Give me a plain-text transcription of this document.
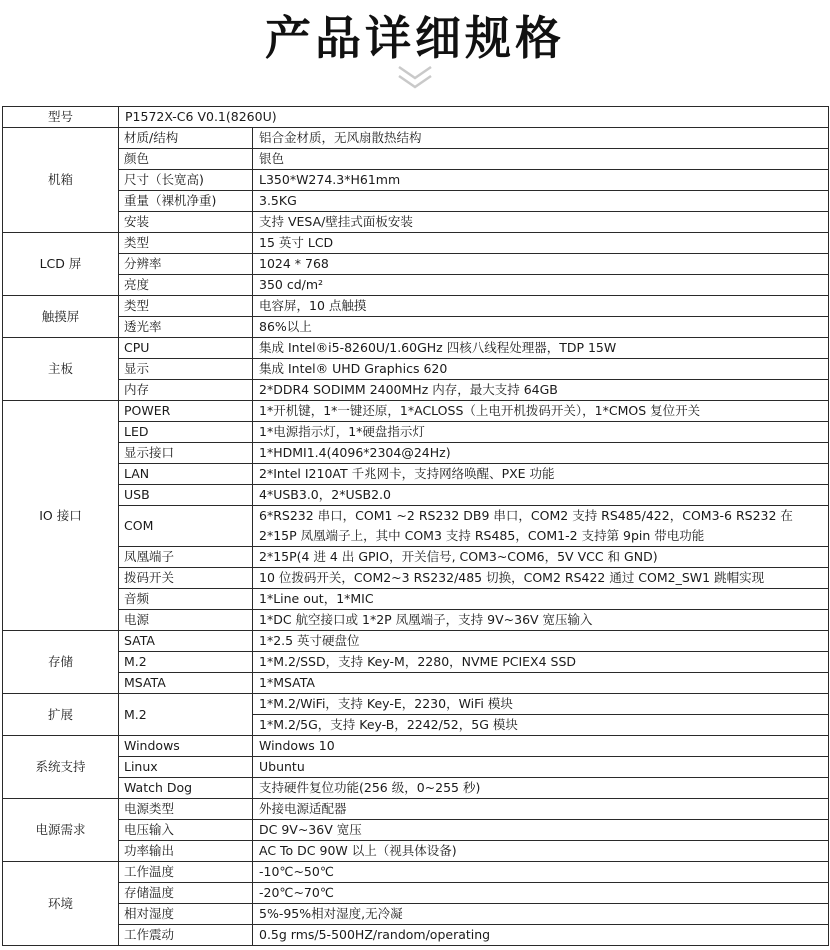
产品详细规格
型号	P1572X-C6 V0.1(8260U)	
机箱	材质/结构	铝合金材质，无风扇散热结构
	颜色	银色
	尺寸（长宽高)	L350*W274.3*H61mm
	重量（裸机净重)	3.5KG
	安装	支持 VESA/壁挂式面板安装
LCD 屏	类型	15 英寸 LCD
	分辨率	1024 * 768
	亮度	350 cd/m²
触摸屏	类型	电容屏，10 点触摸
	透光率	86%以上
主板	CPU	集成 Intel®i5-8260U/1.60GHz 四核八线程处理器，TDP 15W
	显示	集成 Intel® UHD Graphics 620
	内存	2*DDR4 SODIMM 2400MHz 内存，最大支持 64GB
IO 接口	POWER	1*开机键，1*一键还原，1*ACLOSS（上电开机拨码开关），1*CMOS 复位开关
	LED	1*电源指示灯，1*硬盘指示灯
	显示接口	1*HDMI1.4(4096*2304@24Hz)
	LAN	2*Intel I210AT 千兆网卡，支持网络唤醒、PXE 功能
	USB	4*USB3.0，2*USB2.0
	COM	6*RS232 串口，COM1 ~2 RS232 DB9 串口，COM2 支持 RS485/422，COM3-6 RS232 在 2*15P 凤凰端子上，其中 COM3 支持 RS485，COM1-2 支持第 9pin 带电功能
	凤凰端子	2*15P(4 进 4 出 GPIO，开关信号, COM3~COM6，5V VCC 和 GND)
	拨码开关	10 位拨码开关，COM2~3 RS232/485 切换，COM2 RS422 通过 COM2_SW1 跳帽实现
	音频	1*Line out，1*MIC
	电源	1*DC 航空接口或 1*2P 凤凰端子，支持 9V~36V 宽压输入
存储	SATA	1*2.5 英寸硬盘位
	M.2	1*M.2/SSD，支持 Key-M，2280，NVME PCIEX4 SSD
	MSATA	1*MSATA
扩展	M.2	1*M.2/WiFi，支持 Key-E，2230，WiFi 模块
		1*M.2/5G，支持 Key-B，2242/52，5G 模块
系统支持	Windows	Windows 10
	Linux	Ubuntu
	Watch Dog	支持硬件复位功能(256 级，0~255 秒)
电源需求	电源类型	外接电源适配器
	电压输入	DC 9V~36V 宽压
	功率输出	AC To DC 90W 以上（视具体设备)
环境	工作温度	-10℃~50℃
	存储温度	-20℃~70℃
	相对湿度	5%-95%相对湿度,无冷凝
	工作震动	0.5g rms/5-500HZ/random/operating
